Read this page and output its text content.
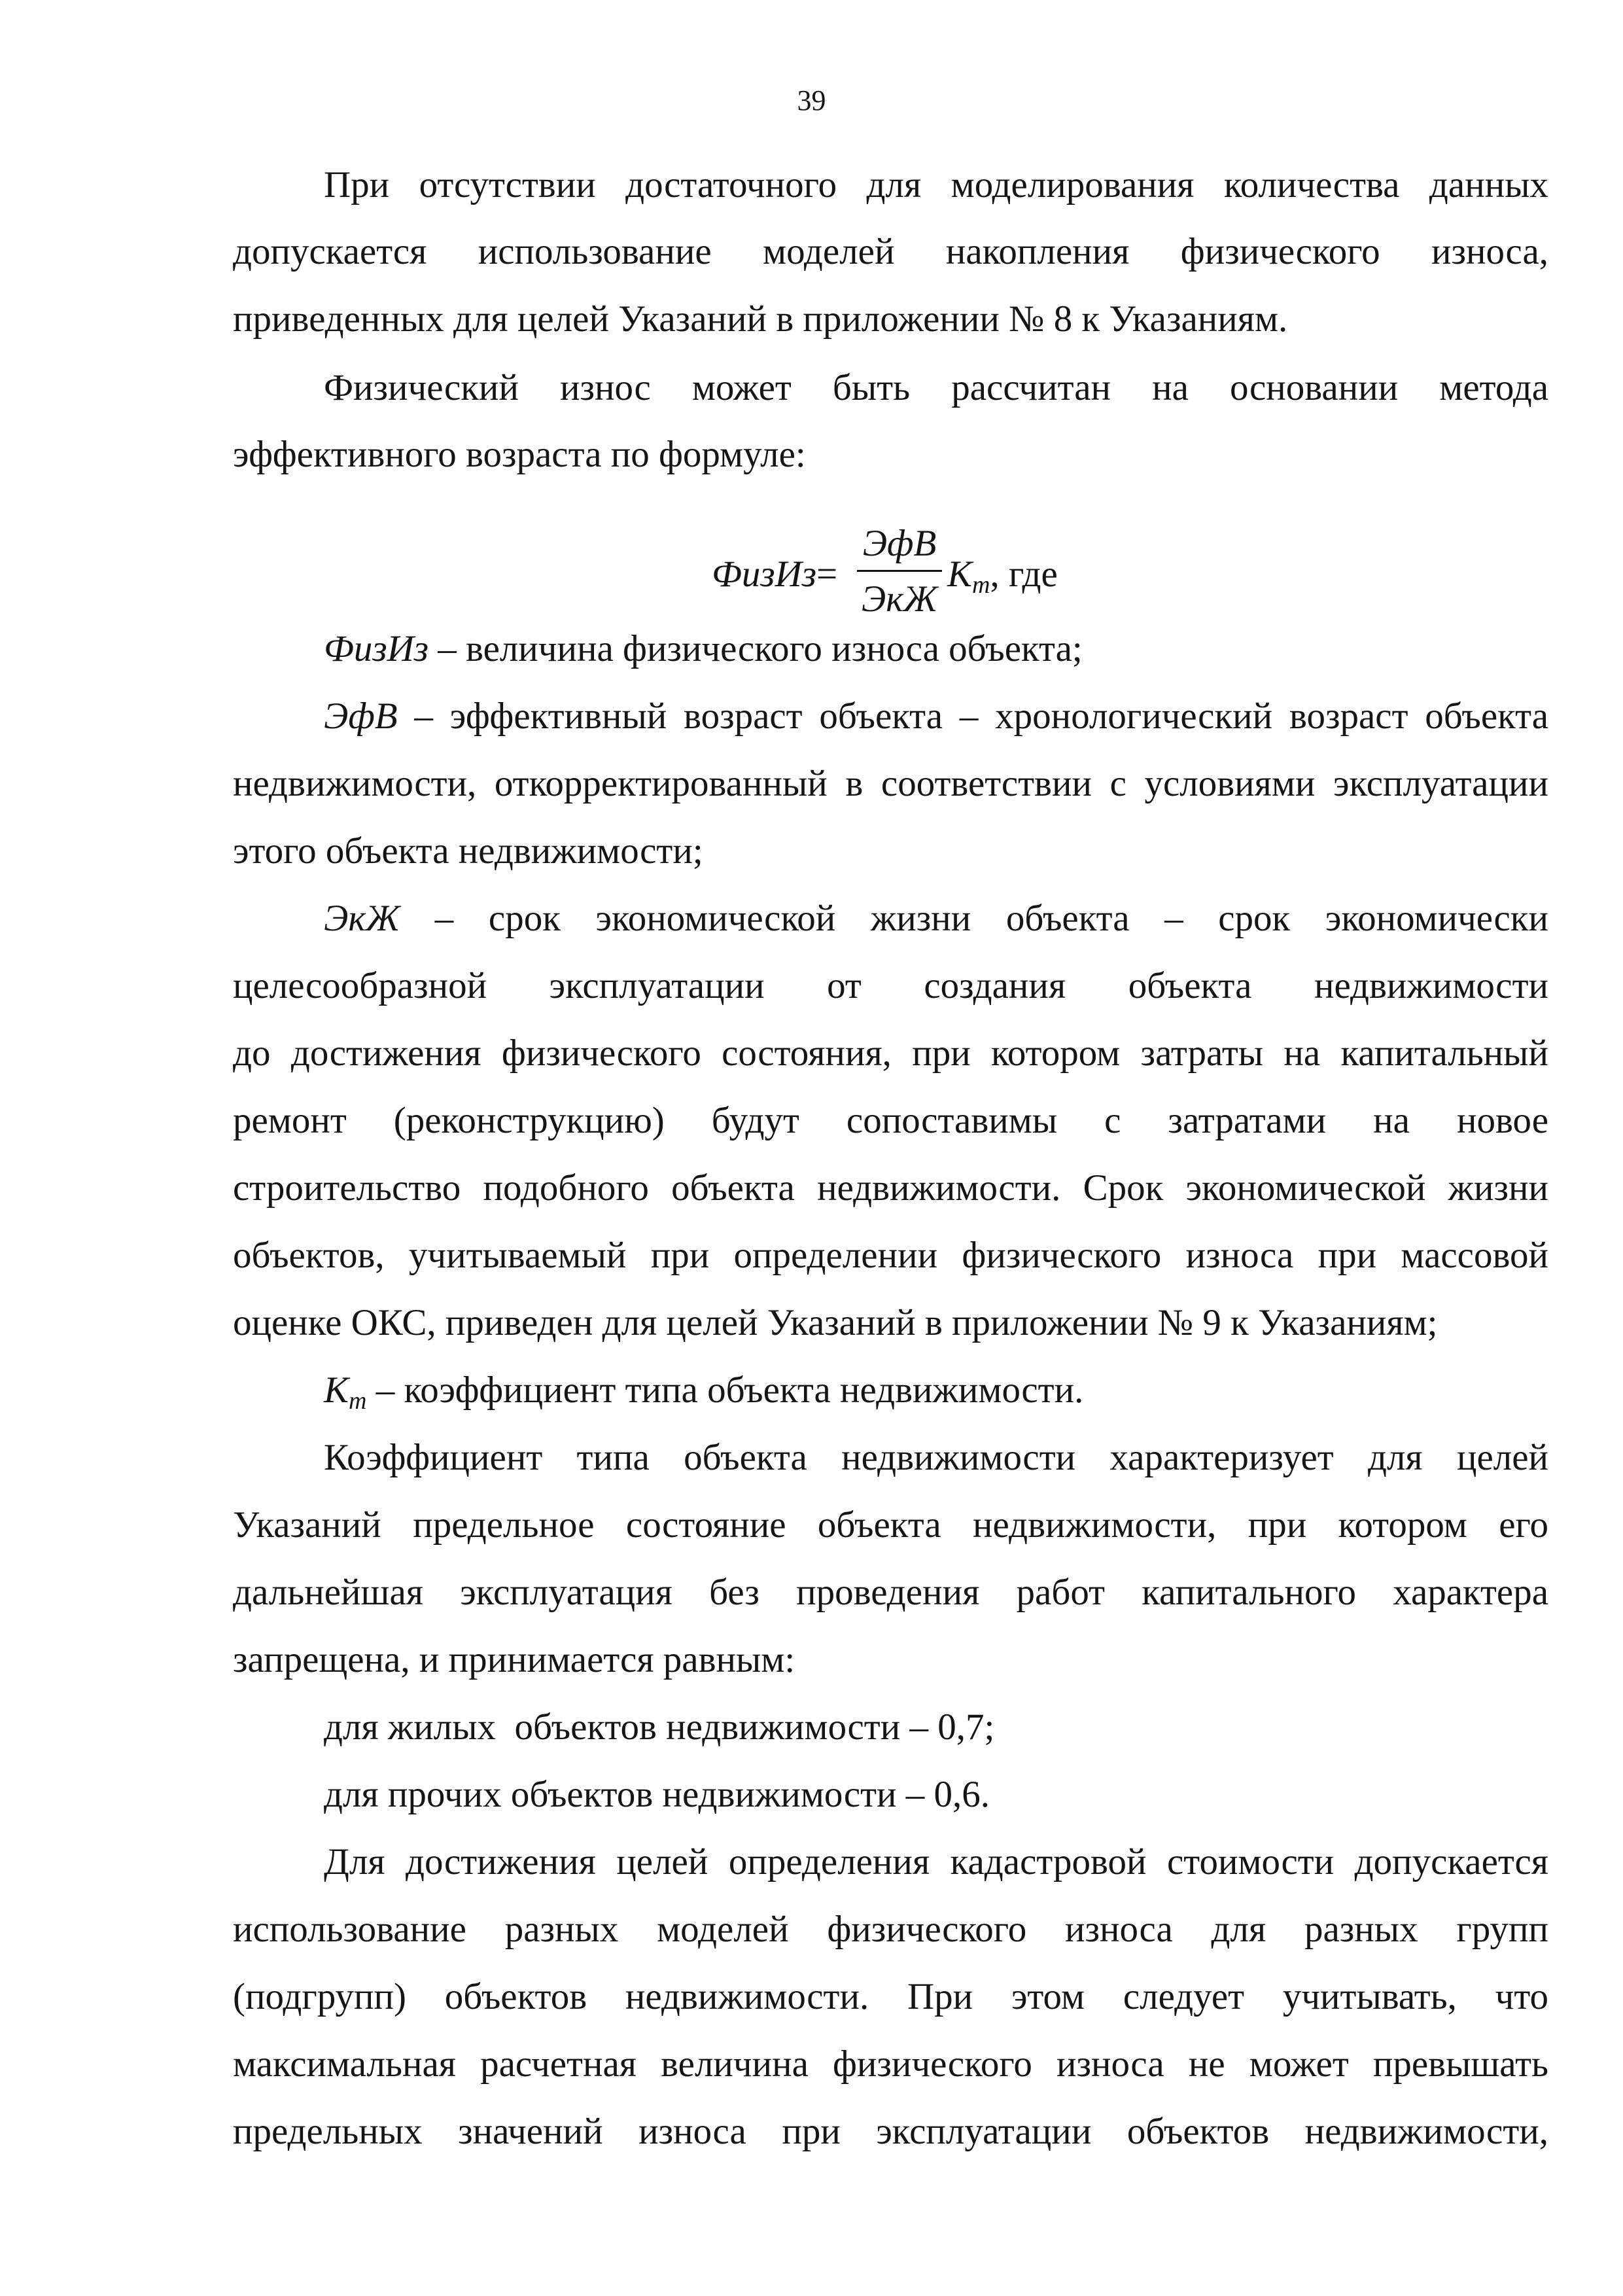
39
При отсутствии достаточного для моделирования количества данных
допускается использование моделей накопления физического износа,
приведенных для целей Указаний в приложении № 8 к Указаниям.
Физический износ может быть рассчитан на основании метода
эффективного возраста по формуле:
ФизИз=
ЭфВ
ЭкЖ
$K_т$, где
ФизИз – величина физического износа объекта;
ЭфВ – эффективный возраст объекта – хронологический возраст объекта
недвижимости, откорректированный в соответствии с условиями эксплуатации
этого объекта недвижимости;
ЭкЖ – срок экономической жизни объекта – срок экономически
целесообразной эксплуатации от создания объекта недвижимости
до достижения физического состояния, при котором затраты на капитальный
ремонт (реконструкцию) будут сопоставимы с затратами на новое
строительство подобного объекта недвижимости. Срок экономической жизни
объектов, учитываемый при определении физического износа при массовой
оценке ОКС, приведен для целей Указаний в приложении № 9 к Указаниям;
$K_т$ – коэффициент типа объекта недвижимости.
Коэффициент типа объекта недвижимости характеризует для целей
Указаний предельное состояние объекта недвижимости, при котором его
дальнейшая эксплуатация без проведения работ капитального характера
запрещена, и принимается равным:
для жилых  объектов недвижимости – 0,7;
для прочих объектов недвижимости – 0,6.
Для достижения целей определения кадастровой стоимости допускается
использование разных моделей физического износа для разных групп
(подгрупп) объектов недвижимости. При этом следует учитывать, что
максимальная расчетная величина физического износа не может превышать
предельных значений износа при эксплуатации объектов недвижимости,
